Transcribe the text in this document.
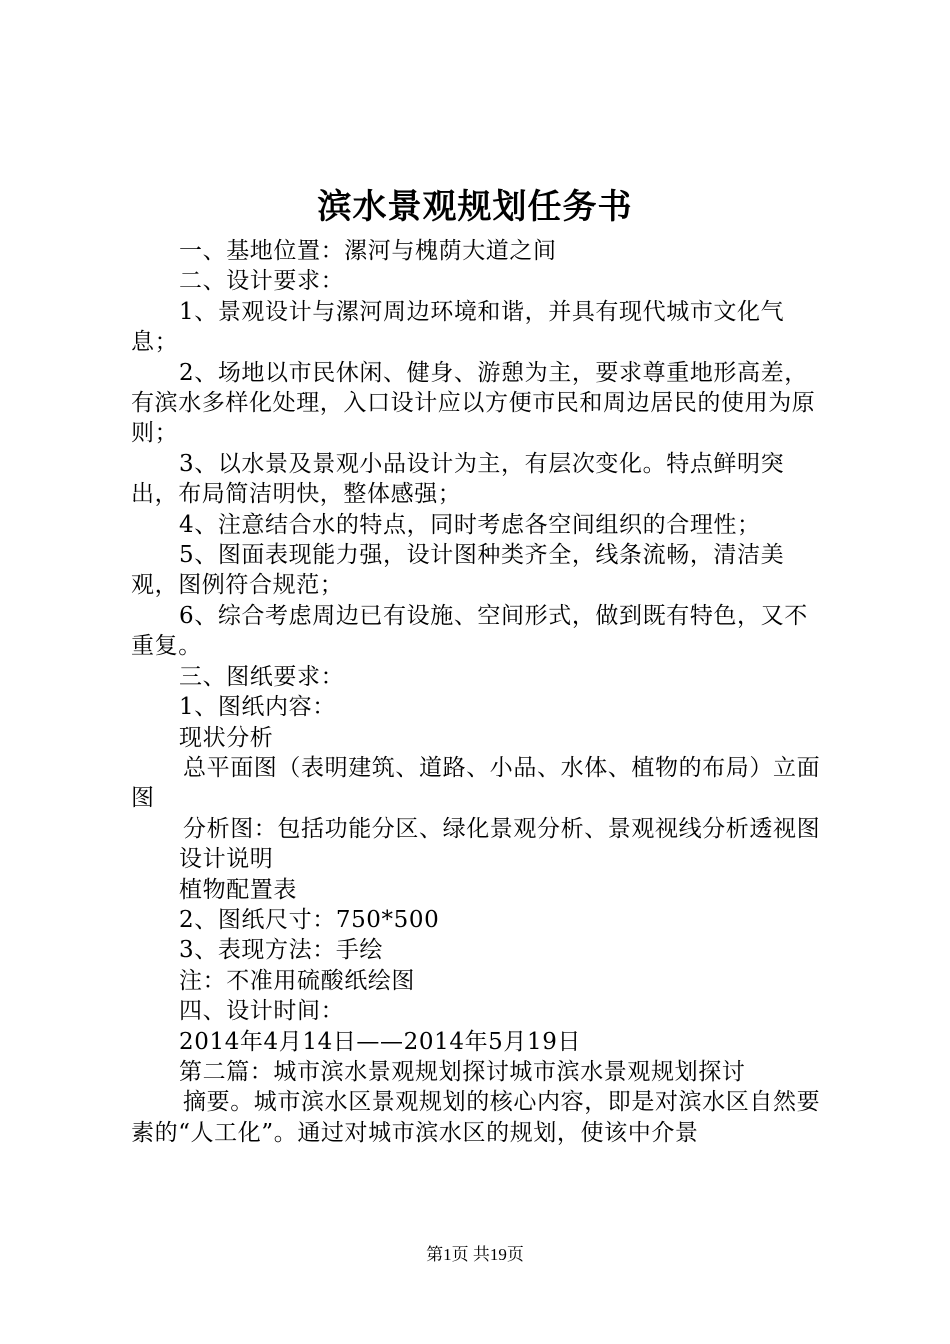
滨水景观规划任务书

一、基地位置：漯河与槐荫大道之间

二、设计要求：

1、景观设计与漯河周边环境和谐，并具有现代城市文化气息；

2、场地以市民休闲、健身、游憩为主，要求尊重地形高差，有滨水多样化处理，入口设计应以方便市民和周边居民的使用为原则；

3、以水景及景观小品设计为主，有层次变化。特点鲜明突出，布局简洁明快，整体感强；

4、注意结合水的特点，同时考虑各空间组织的合理性；

5、图面表现能力强，设计图种类齐全，线条流畅，清洁美观，图例符合规范；

6、综合考虑周边已有设施、空间形式，做到既有特色，又不重复。

三、图纸要求：

1、图纸内容：

现状分析

总平面图（表明建筑、道路、小品、水体、植物的布局）立面图

分析图：包括功能分区、绿化景观分析、景观视线分析透视图

设计说明

植物配置表

2、图纸尺寸：750*500

3、表现方法：手绘

注：不准用硫酸纸绘图

四、设计时间：

2014年4月14日——2014年5月19日

第二篇：城市滨水景观规划探讨城市滨水景观规划探讨

摘要。城市滨水区景观规划的核心内容，即是对滨水区自然要素的“人工化”。通过对城市滨水区的规划，使该中介景

第1页 共19页
